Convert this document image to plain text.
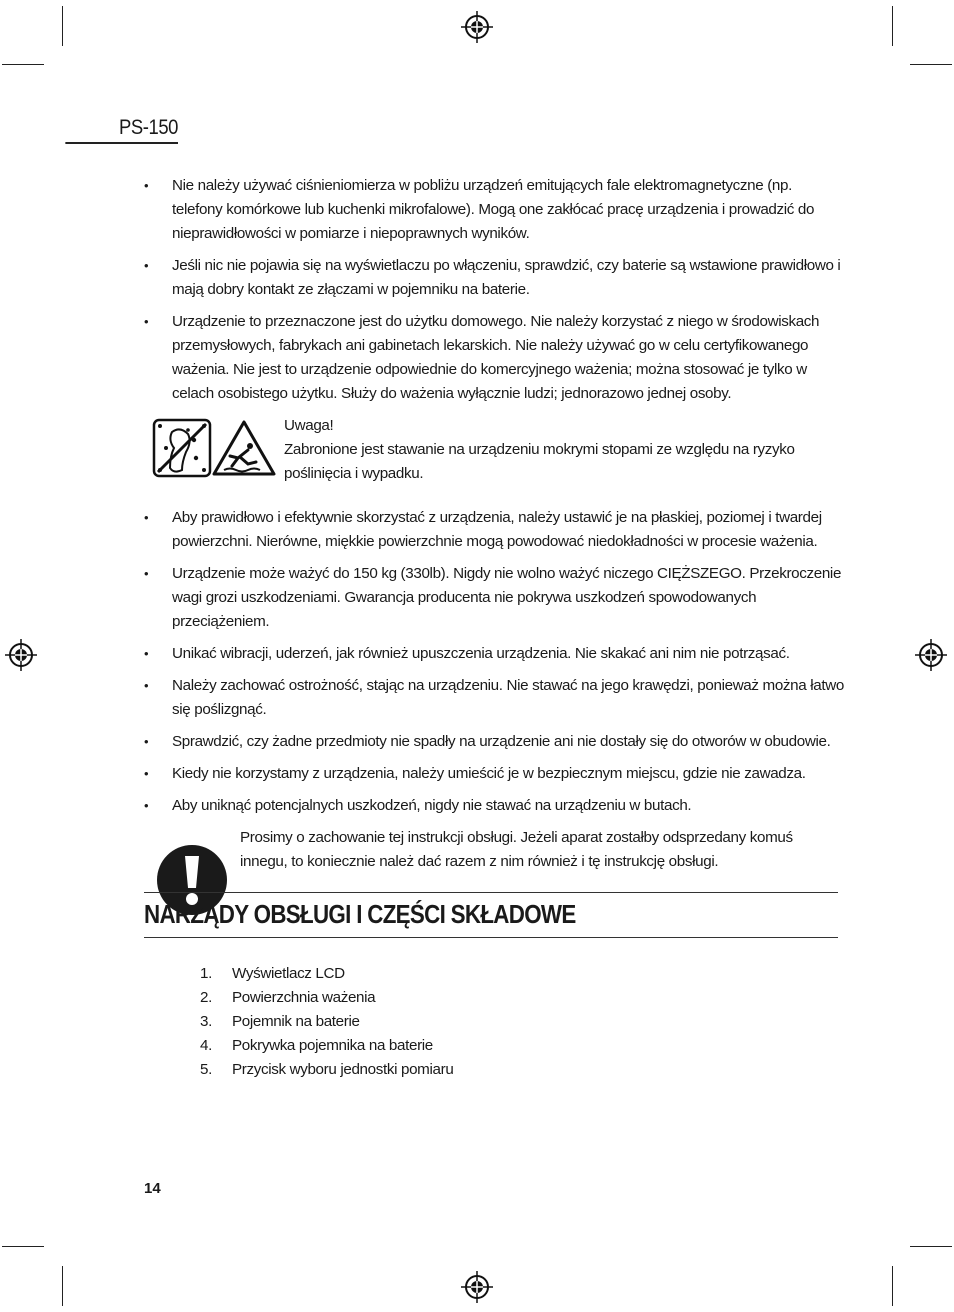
PS-150
• Nie należy używać ciśnieniomierza w pobliżu urządzeń emitujących fale elektromagnetyczne (np. telefony komórkowe lub kuchenki mikrofalowe). Mogą one zakłócać pracę urządzenia i prowadzić do nieprawidłowości w pomiarze i niepoprawnych wyników.
• Jeśli nic nie pojawia się na wyświetlaczu po włączeniu, sprawdzić, czy baterie są wstawione prawidłowo i mają dobry kontakt ze złączami w pojemniku na baterie.
• Urządzenie to przeznaczone jest do użytku domowego. Nie należy korzystać z niego w środowiskach przemysłowych, fabrykach ani gabinetach lekarskich. Nie należy używać go w celu certyfikowanego ważenia. Nie jest to urządzenie odpowiednie do komercyjnego ważenia; można stosować je tylko w celach osobistego użytku. Służy do ważenia wyłącznie ludzi; jednorazowo jednej osoby.
Uwaga!
Zabronione jest stawanie na urządzeniu mokrymi stopami ze względu na ryzyko poślinięcia i wypadku.
• Aby prawidłowo i efektywnie skorzystać z urządzenia, należy ustawić je na płaskiej, poziomej i twardej powierzchni. Nierówne, miękkie powierzchnie mogą powodować niedokładności w procesie ważenia.
• Urządzenie może ważyć do 150 kg (330lb). Nigdy nie wolno ważyć niczego CIĘŻSZEGO. Przekroczenie wagi grozi uszkodzeniami. Gwarancja producenta nie pokrywa uszkodzeń spowodowanych przeciążeniem.
• Unikać wibracji, uderzeń, jak również upuszczenia urządzenia. Nie skakać ani nim nie potrząsać.
• Należy zachować ostrożność, stając na urządzeniu. Nie stawać na jego krawędzi, ponieważ można łatwo się poślizgnąć.
• Sprawdzić, czy żadne przedmioty nie spadły na urządzenie ani nie dostały się do otworów w obudowie.
• Kiedy nie korzystamy z urządzenia, należy umieścić je w bezpiecznym miejscu, gdzie nie zawadza.
• Aby uniknąć potencjalnych uszkodzeń, nigdy nie stawać na urządzeniu w butach.
Prosimy o zachowanie tej instrukcji obsługi. Jeżeli aparat zostałby odsprzedany komuś innegu, to koniecznie należ dać razem z nim również i tę instrukcję obsługi.
NARZĄDY OBSŁUGI I CZĘŚCI SKŁADOWE
1.	Wyświetlacz LCD
2.	Powierzchnia ważenia
3.	Pojemnik na baterie
4.	Pokrywka pojemnika na baterie
5.	Przycisk wyboru jednostki pomiaru
14
